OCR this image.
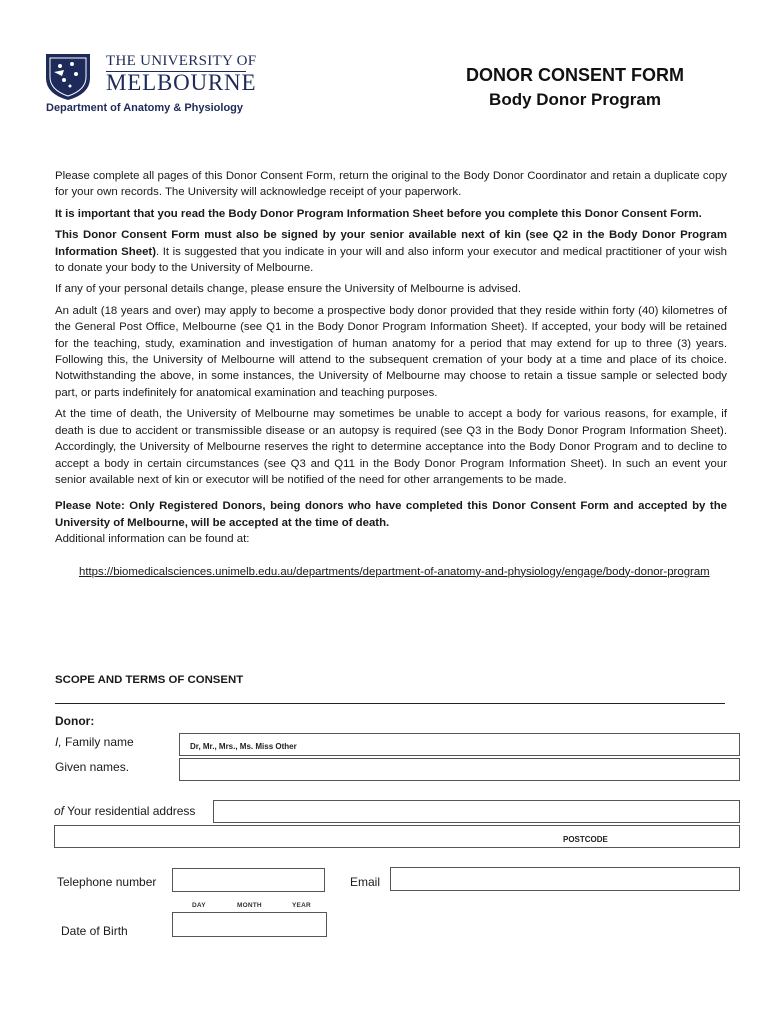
THE UNIVERSITY OF
MELBOURNE
Department of Anatomy & Physiology
DONOR CONSENT FORM
Body Donor Program

Please complete all pages of this Donor Consent Form, return the original to the Body Donor Coordinator and retain a duplicate copy for your own records. The University will acknowledge receipt of your paperwork.

It is important that you read the Body Donor Program Information Sheet before you complete this Donor Consent Form.

This Donor Consent Form must also be signed by your senior available next of kin (see Q2 in the Body Donor Program Information Sheet). It is suggested that you indicate in your will and also inform your executor and medical practitioner of your wish to donate your body to the University of Melbourne.

If any of your personal details change, please ensure the University of Melbourne is advised.

An adult (18 years and over) may apply to become a prospective body donor provided that they reside within forty (40) kilometres of the General Post Office, Melbourne (see Q1 in the Body Donor Program Information Sheet). If accepted, your body will be retained for the teaching, study, examination and investigation of human anatomy for a period that may extend for up to three (3) years. Following this, the University of Melbourne will attend to the subsequent cremation of your body at a time and place of its choice. Notwithstanding the above, in some instances, the University of Melbourne may choose to retain a tissue sample or selected body part, or parts indefinitely for anatomical examination and teaching purposes.

At the time of death, the University of Melbourne may sometimes be unable to accept a body for various reasons, for example, if death is due to accident or transmissible disease or an autopsy is required (see Q3 in the Body Donor Program Information Sheet). Accordingly, the University of Melbourne reserves the right to determine acceptance into the Body Donor Program and to decline to accept a body in certain circumstances (see Q3 and Q11 in the Body Donor Program Information Sheet). In such an event your senior available next of kin or executor will be notified of the need for other arrangements to be made.

Please Note: Only Registered Donors, being donors who have completed this Donor Consent Form and accepted by the University of Melbourne, will be accepted at the time of death.
Additional information can be found at:

https://biomedicalsciences.unimelb.edu.au/departments/department-of-anatomy-and-physiology/engage/body-donor-program
SCOPE AND TERMS OF CONSENT
Donor:
I, Family name	Dr, Mr., Mrs., Ms. Miss Other
Given names.
of Your residential address
POSTCODE
Telephone number	Email
DAY	MONTH	YEAR
Date of Birth
